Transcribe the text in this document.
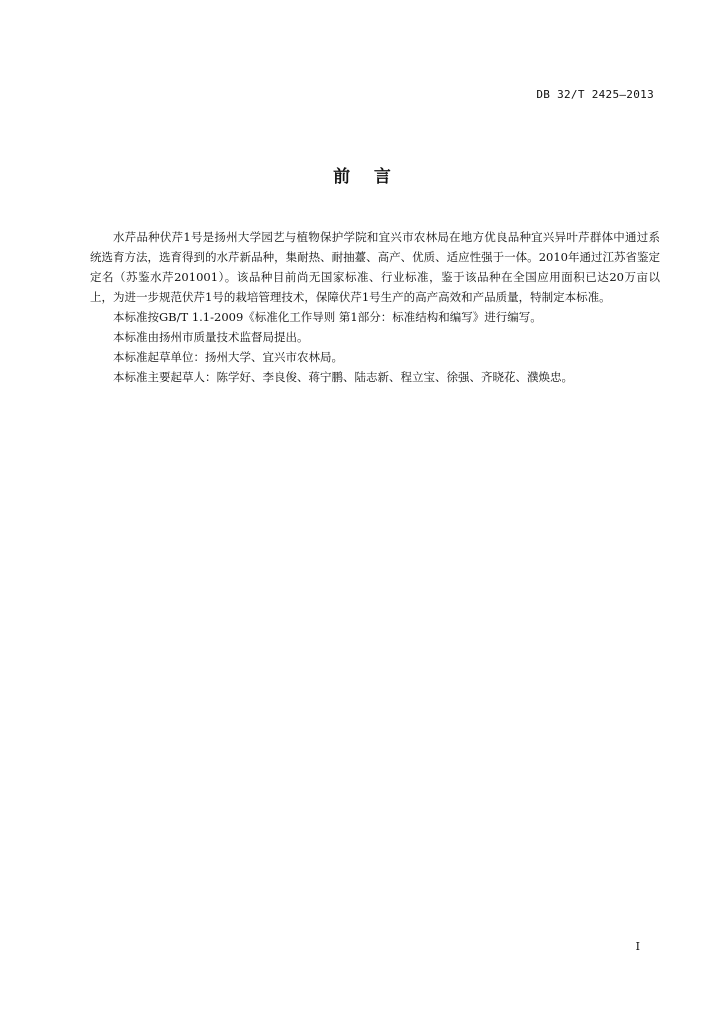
DB 32/T 2425—2013
前    言

水芹品种伏芹1号是扬州大学园艺与植物保护学院和宜兴市农林局在地方优良品种宜兴异叶芹群体中通过系统选育方法，选育得到的水芹新品种，集耐热、耐抽薹、高产、优质、适应性强于一体。2010年通过江苏省鉴定定名（苏鉴水芹201001）。该品种目前尚无国家标准、行业标准，鉴于该品种在全国应用面积已达20万亩以上，为进一步规范伏芹1号的栽培管理技术，保障伏芹1号生产的高产高效和产品质量，特制定本标准。

本标准按GB/T 1.1-2009《标准化工作导则 第1部分：标准结构和编写》进行编写。

本标准由扬州市质量技术监督局提出。

本标准起草单位：扬州大学、宜兴市农林局。

本标准主要起草人：陈学好、李良俊、蒋宁鹏、陆志新、程立宝、徐强、齐晓花、濮焕忠。

I
